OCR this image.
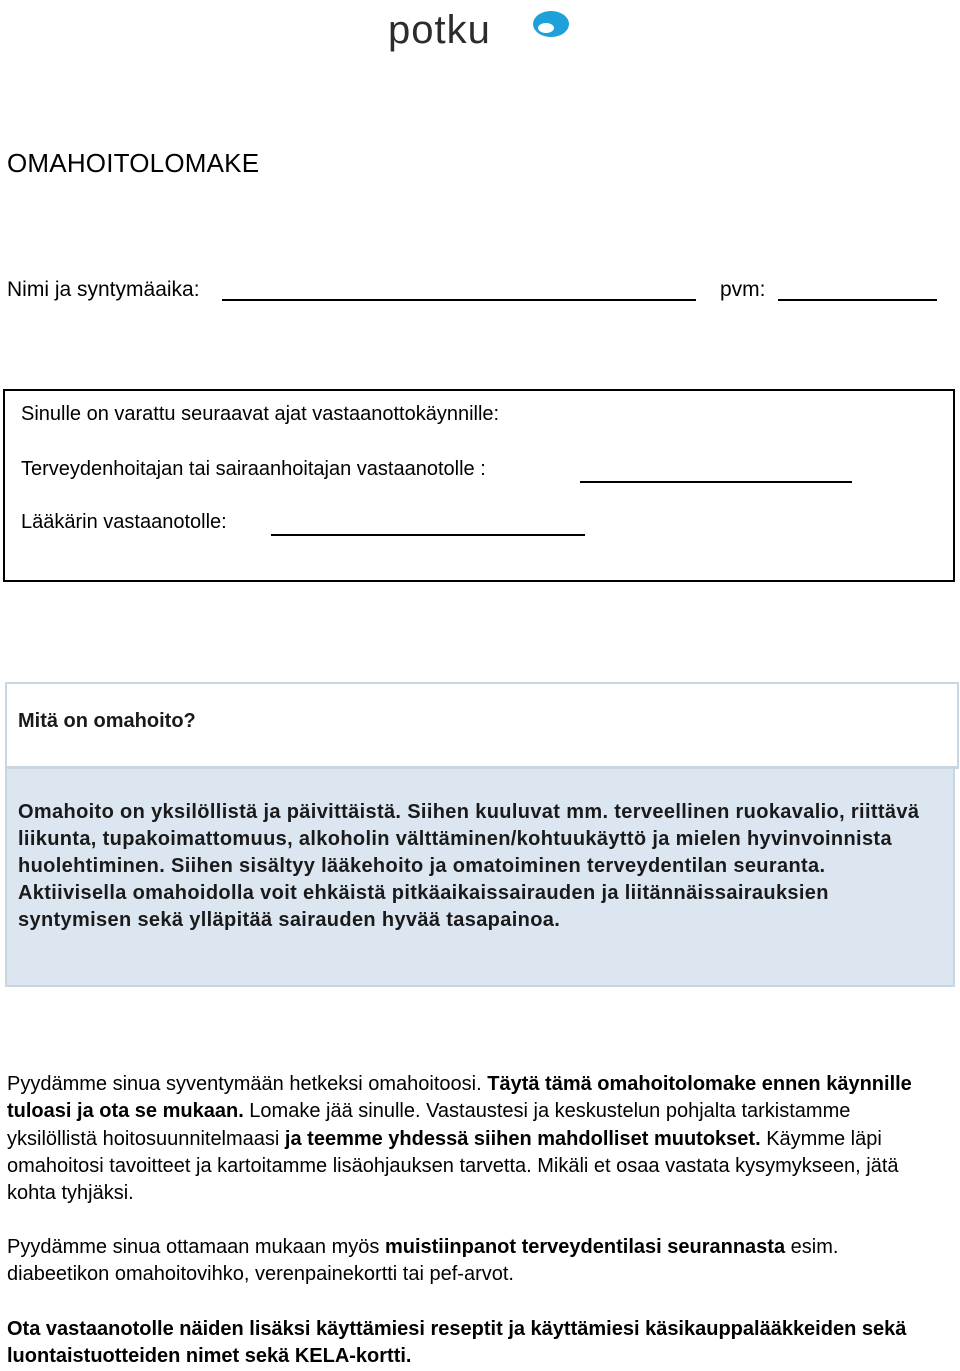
potku
OMAHOITOLOMAKE
Nimi ja syntymäaika:	pvm:
Sinulle on varattu seuraavat ajat vastaanottokäynnille:
Terveydenhoitajan tai sairaanhoitajan vastaanotolle :
Lääkärin vastaanotolle:
Mitä on omahoito?

Omahoito on yksilöllistä ja päivittäistä. Siihen kuuluvat mm. terveellinen ruokavalio, riittävä liikunta, tupakoimattomuus, alkoholin välttäminen/kohtuukäyttö ja mielen hyvinvoinnista huolehtiminen. Siihen sisältyy lääkehoito ja omatoiminen terveydentilan seuranta. Aktiivisella omahoidolla voit ehkäistä pitkäaikaissairauden ja liitännäissairauksien syntymisen sekä ylläpitää sairauden hyvää tasapainoa.

Pyydämme sinua syventymään hetkeksi omahoitoosi. Täytä tämä omahoitolomake ennen käynnille tuloasi ja ota se mukaan. Lomake jää sinulle. Vastaustesi ja keskustelun pohjalta tarkistamme yksilöllistä hoitosuunnitelmaasi ja teemme yhdessä siihen mahdolliset muutokset. Käymme läpi omahoitosi tavoitteet ja kartoitamme lisäohjauksen tarvetta. Mikäli et osaa vastata kysymykseen, jätä kohta tyhjäksi.

Pyydämme sinua ottamaan mukaan myös muistiinpanot terveydentilasi seurannasta esim. diabeetikon omahoitovihko, verenpainekortti tai pef-arvot.

Ota vastaanotolle näiden lisäksi käyttämiesi reseptit ja käyttämiesi käsikauppalääkkeiden sekä luontaistuotteiden nimet sekä KELA-kortti.
